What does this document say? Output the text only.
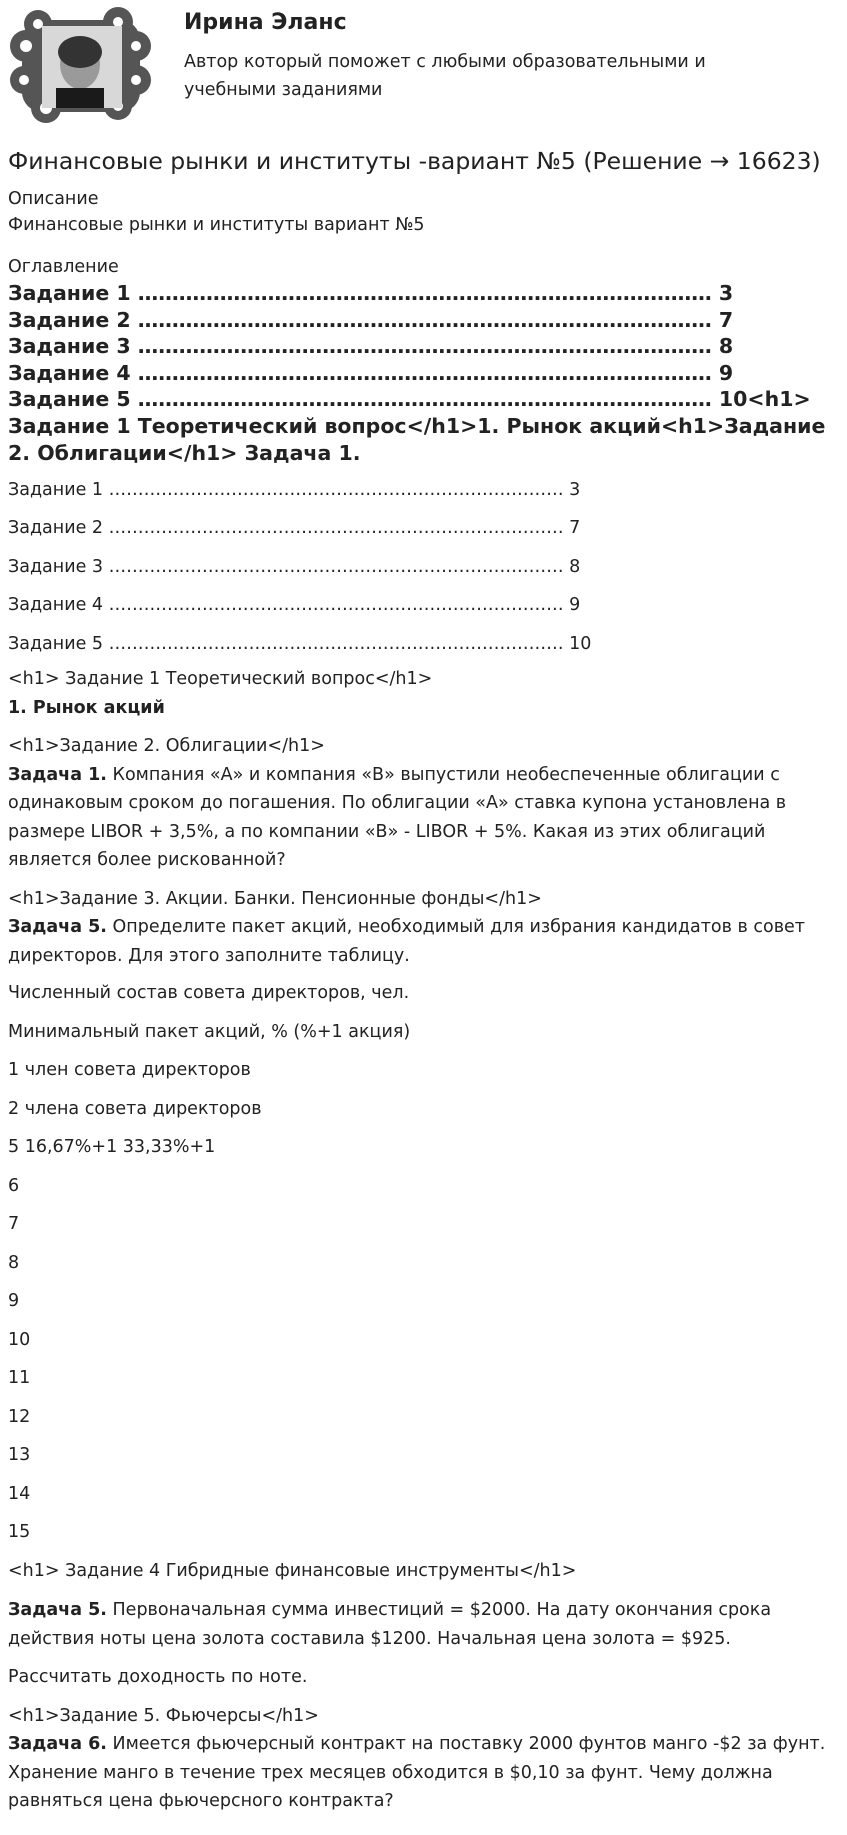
Ирина Эланс

Автор который поможет с любыми образовательными и учебными заданиями

Финансовые рынки и институты -вариант №5 (Решение → 16623)

Описание

Финансовые рынки и институты вариант №5

Оглавление

Задание 1 ………………………………………………………………………… 3
Задание 2 ………………………………………………………………………… 7
Задание 3 ………………………………………………………………………… 8
Задание 4 ………………………………………………………………………… 9
Задание 5 ………………………………………………………………………… 10<h1>

Задание 1 Теоретический вопрос</h1>1. Рынок акций<h1>Задание 2. Облигации</h1> Задача 1.

Задание 1 …………………………………………………………………… 3
Задание 2 …………………………………………………………………… 7
Задание 3 …………………………………………………………………… 8
Задание 4 …………………………………………………………………… 9
Задание 5 …………………………………………………………………… 10

<h1> Задание 1 Теоретический вопрос</h1>

1. Рынок акций

<h1>Задание 2. Облигации</h1>

Задача 1. Компания «А» и компания «В» выпустили необеспеченные облигации с одинаковым сроком до погашения. По облигации «А» ставка купона установлена в размере LIBOR + 3,5%, а по компании «В» - LIBOR + 5%. Какая из этих облигаций является более рискованной?

<h1>Задание 3. Акции. Банки. Пенсионные фонды</h1>

Задача 5. Определите пакет акций, необходимый для избрания кандидатов в совет директоров. Для этого заполните таблицу.

Численный состав совета директоров, чел.
Минимальный пакет акций, % (%+1 акция)
1 член совета директоров
2 члена совета директоров
5 16,67%+1 33,33%+1
6
7
8
9
10
11
12
13
14
15
<h1> Задание 4 Гибридные финансовые инструменты</h1>

Задача 5. Первоначальная сумма инвестиций = $2000. На дату окончания срока действия ноты цена золота составила $1200. Начальная цена золота = $925.

Рассчитать доходность по ноте.

<h1>Задание 5. Фьючерсы</h1>

Задача 6. Имеется фьючерсный контракт на поставку 2000 фунтов манго -$2 за фунт. Хранение манго в течение трех месяцев обходится в $0,10 за фунт. Чему должна равняться цена фьючерсного контракта?
